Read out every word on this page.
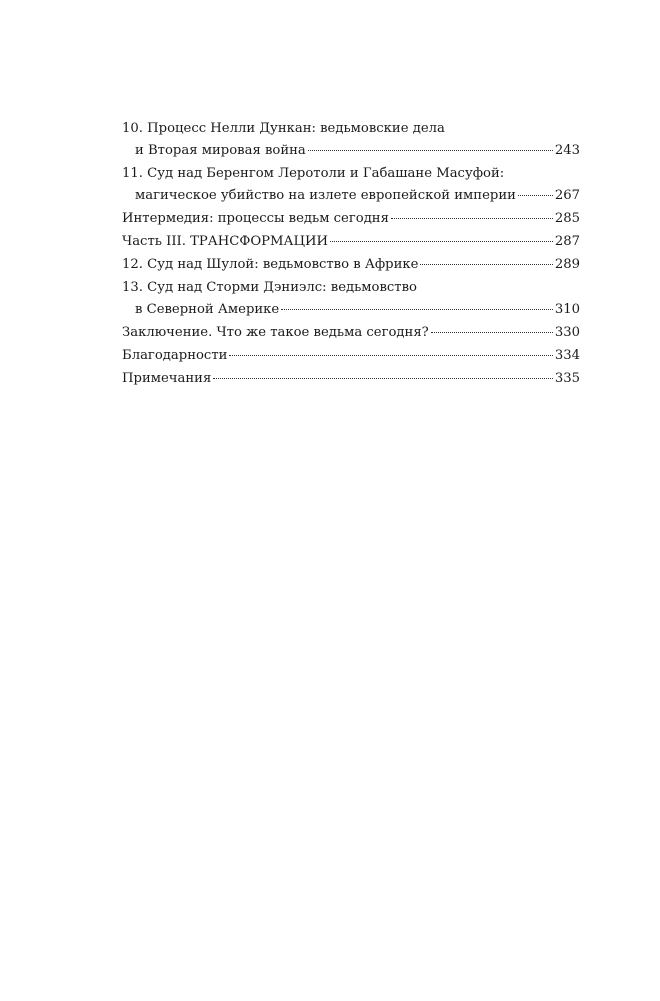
10. Процесс Нелли Дункан: ведьмовские дела
и Вторая мировая война	243
11. Суд над Беренгом Леротоли и Габашане Масуфой:
магическое убийство на излете европейской империи	267
Интермедия: процессы ведьм сегодня	285
Часть III. ТРАНСФОРМАЦИИ	287
12. Суд над Шулой: ведьмовство в Африке	289
13. Суд над Сторми Дэниэлс: ведьмовство
в Северной Америке	310
Заключение. Что же такое ведьма сегодня?	330
Благодарности	334
Примечания	335
